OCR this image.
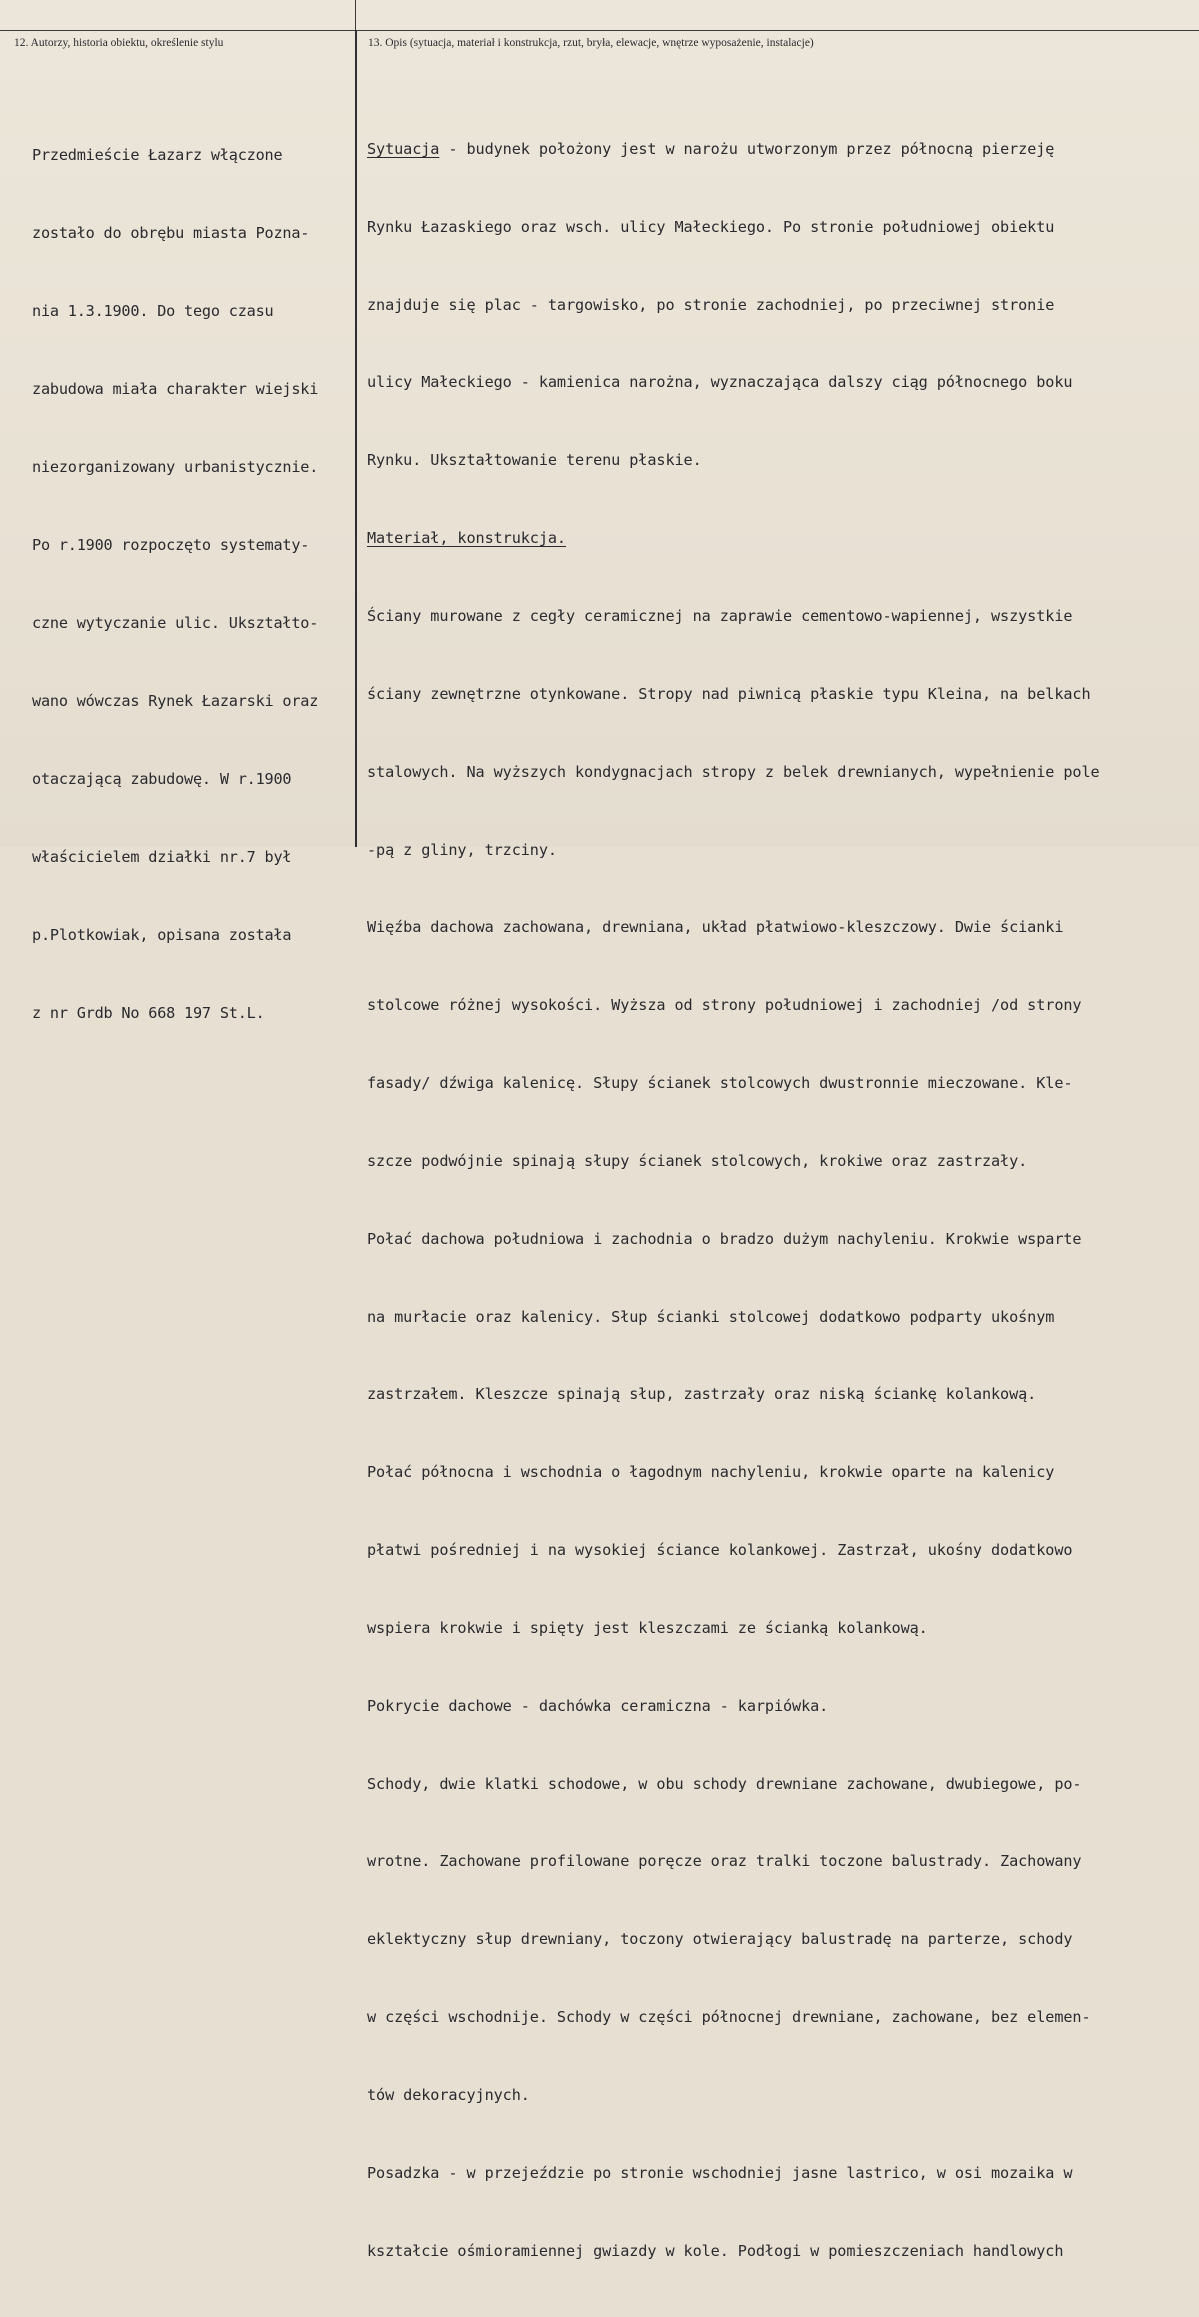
12. Autorzy, historia obiektu, określenie stylu	13. Opis (sytuacja, materiał i konstrukcja, rzut, bryła, elewacje, wnętrze wyposażenie, instalacje)

Przedmieście Łazarz włączone

zostało do obrębu miasta Pozna-

nia 1.3.1900. Do tego czasu

zabudowa miała charakter wiejski

niezorganizowany urbanistycznie.

Po r.1900 rozpoczęto systematy-

czne wytyczanie ulic. Ukształto-

wano wówczas Rynek Łazarski oraz

otaczającą zabudowę. W r.1900

właścicielem działki nr.7 był

p.Plotkowiak, opisana została

z nr Grdb No 668 197 St.L.

Sytuacja - budynek położony jest w narożu utworzonym przez północną pierzeję

Rynku Łazaskiego oraz wsch. ulicy Małeckiego. Po stronie południowej obiektu

znajduje się plac - targowisko, po stronie zachodniej, po przeciwnej stronie

ulicy Małeckiego - kamienica narożna, wyznaczająca dalszy ciąg północnego boku

Rynku. Ukształtowanie terenu płaskie.

Materiał, konstrukcja.

Ściany murowane z cegły ceramicznej na zaprawie cementowo-wapiennej, wszystkie

ściany zewnętrzne otynkowane. Stropy nad piwnicą płaskie typu Kleina, na belkach

stalowych. Na wyższych kondygnacjach stropy z belek drewnianych, wypełnienie pole

-pą z gliny, trzciny.

Więźba dachowa zachowana, drewniana, układ płatwiowo-kleszczowy. Dwie ścianki

stolcowe różnej wysokości. Wyższa od strony południowej i zachodniej /od strony

fasady/ dźwiga kalenicę. Słupy ścianek stolcowych dwustronnie mieczowane. Kle-

szcze podwójnie spinają słupy ścianek stolcowych, krokiwe oraz zastrzały.

Połać dachowa południowa i zachodnia o bradzo dużym nachyleniu. Krokwie wsparte

na murłacie oraz kalenicy. Słup ścianki stolcowej dodatkowo podparty ukośnym

zastrzałem. Kleszcze spinają słup, zastrzały oraz niską ściankę kolankową.

Połać północna i wschodnia o łagodnym nachyleniu, krokwie oparte na kalenicy

płatwi pośredniej i na wysokiej ściance kolankowej. Zastrzał, ukośny dodatkowo

wspiera krokwie i spięty jest kleszczami ze ścianką kolankową.

Pokrycie dachowe - dachówka ceramiczna - karpiówka.

Schody, dwie klatki schodowe, w obu schody drewniane zachowane, dwubiegowe, po-

wrotne. Zachowane profilowane poręcze oraz tralki toczone balustrady. Zachowany

eklektyczny słup drewniany, toczony otwierający balustradę na parterze, schody

w części wschodnije. Schody w części północnej drewniane, zachowane, bez elemen-

tów dekoracyjnych.

Posadzka - w przejeździe po stronie wschodniej jasne lastrico, w osi mozaika w

kształcie ośmioramiennej gwiazdy w kole. Podłogi w pomieszczeniach handlowych
